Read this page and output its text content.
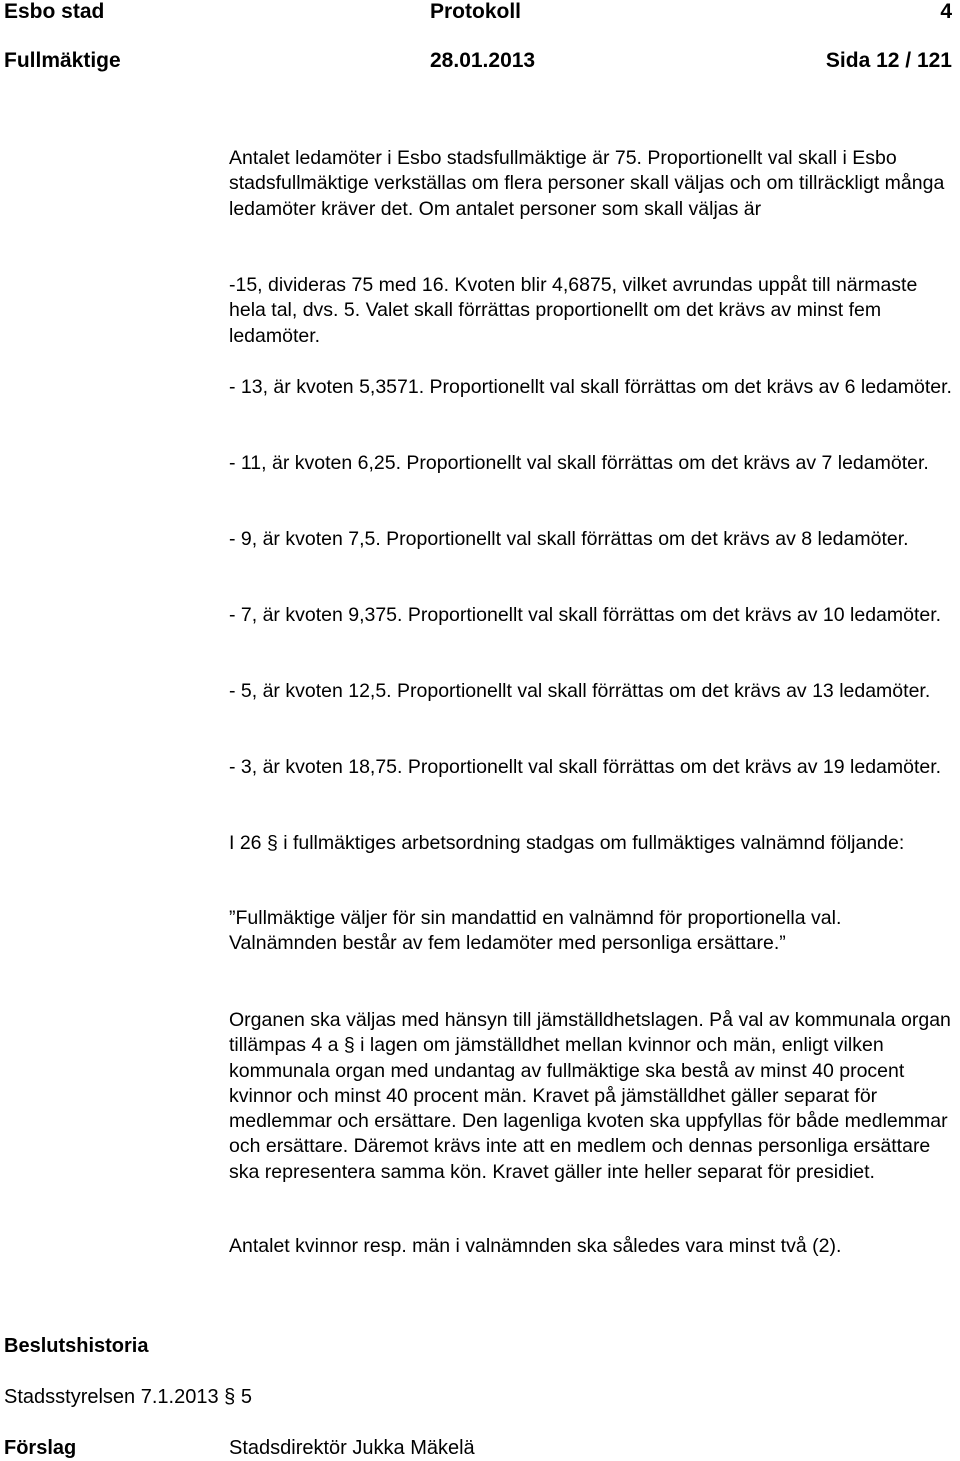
Esbo stad	Protokoll	4
Fullmäktige	28.01.2013	Sida 12 / 121
Antalet ledamöter i Esbo stadsfullmäktige är 75. Proportionellt val skall i Esbo stadsfullmäktige verkställas om flera personer skall väljas och om tillräckligt många ledamöter kräver det. Om antalet personer som skall väljas är
-15, divideras 75 med 16. Kvoten blir 4,6875, vilket avrundas uppåt till närmaste hela tal, dvs. 5. Valet skall förrättas proportionellt om det krävs av minst fem ledamöter.
- 13, är kvoten 5,3571. Proportionellt val skall förrättas om det krävs av 6 ledamöter.
- 11, är kvoten 6,25. Proportionellt val skall förrättas om det krävs av 7 ledamöter.
- 9, är kvoten 7,5. Proportionellt val skall förrättas om det krävs av 8 ledamöter.
- 7, är kvoten 9,375. Proportionellt val skall förrättas om det krävs av 10 ledamöter.
- 5, är kvoten 12,5. Proportionellt val skall förrättas om det krävs av 13 ledamöter.
- 3, är kvoten 18,75. Proportionellt val skall förrättas om det krävs av 19 ledamöter.
I 26 § i fullmäktiges arbetsordning stadgas om fullmäktiges valnämnd följande:
”Fullmäktige väljer för sin mandattid en valnämnd för proportionella val. Valnämnden består av fem ledamöter med personliga ersättare.”
Organen ska väljas med hänsyn till jämställdhetslagen. På val av kommunala organ tillämpas 4 a § i lagen om jämställdhet mellan kvinnor och män, enligt vilken kommunala organ med undantag av fullmäktige ska bestå av minst 40 procent kvinnor och minst 40 procent män. Kravet på jämställdhet gäller separat för medlemmar och ersättare. Den lagenliga kvoten ska uppfyllas för både medlemmar och ersättare. Däremot krävs inte att en medlem och dennas personliga ersättare ska representera samma kön. Kravet gäller inte heller separat för presidiet.
Antalet kvinnor resp. män i valnämnden ska således vara minst två (2).
Beslutshistoria
Stadsstyrelsen 7.1.2013 § 5
Förslag	Stadsdirektör Jukka Mäkelä
